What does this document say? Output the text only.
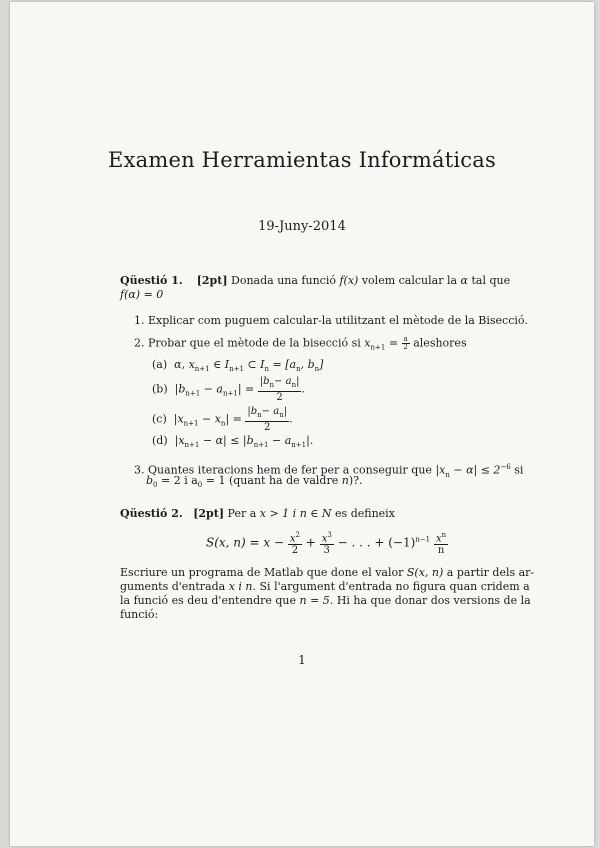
Examen Herramientas Informáticas
19-Juny-2014
Qüestió 1. [2pt] Donada una funció f(x) volem calcular la α tal que
f(α) = 0
1. Explicar com puguem calcular-la utilitzant el mètode de la Bisecció.
2. Probar que el mètode de la bisecció si $x_{n+1} = \frac{a}{2}$ aleshores
(a) α, $x_{n+1}$ ∈ $I_{n+1}$ ⊂ $I_n = [a_n$, $b_n$]
(b) $|b_{n+1} - a_{n+1}| = \frac{|b_n- a_n|}{2}$ .
(c) $|x_{n+1} - x_n| = \frac{|b_n- a_n|}{2}$ .
(d) $|x_{n+1} - \alpha| \le |b_{n+1} - a_{n+1}|$.
3. Quantes iteracions hem de fer per a conseguir que $|x_n - \alpha| \le 2^{-6}$ si
$b_0 = 2$ i $a_0 = 1$ (quant ha de valdre n)?.
Qüestió 2. [2pt] Per a x > 1 i n ∈ N es defineix
S(x, $n) = x - \frac{x^2}{2} + \frac{x^3}{3}$ − . . . + $(-1)^{n-1} \frac{x^n}{n}$
Escriure un programa de Matlab que done el valor S(x, n) a partir dels ar-
guments d'entrada x i n. Si l'argument d'entrada no figura quan cridem a
la funció es deu d'entendre que n = 5. Hi ha que donar dos versions de la
funció:
1
